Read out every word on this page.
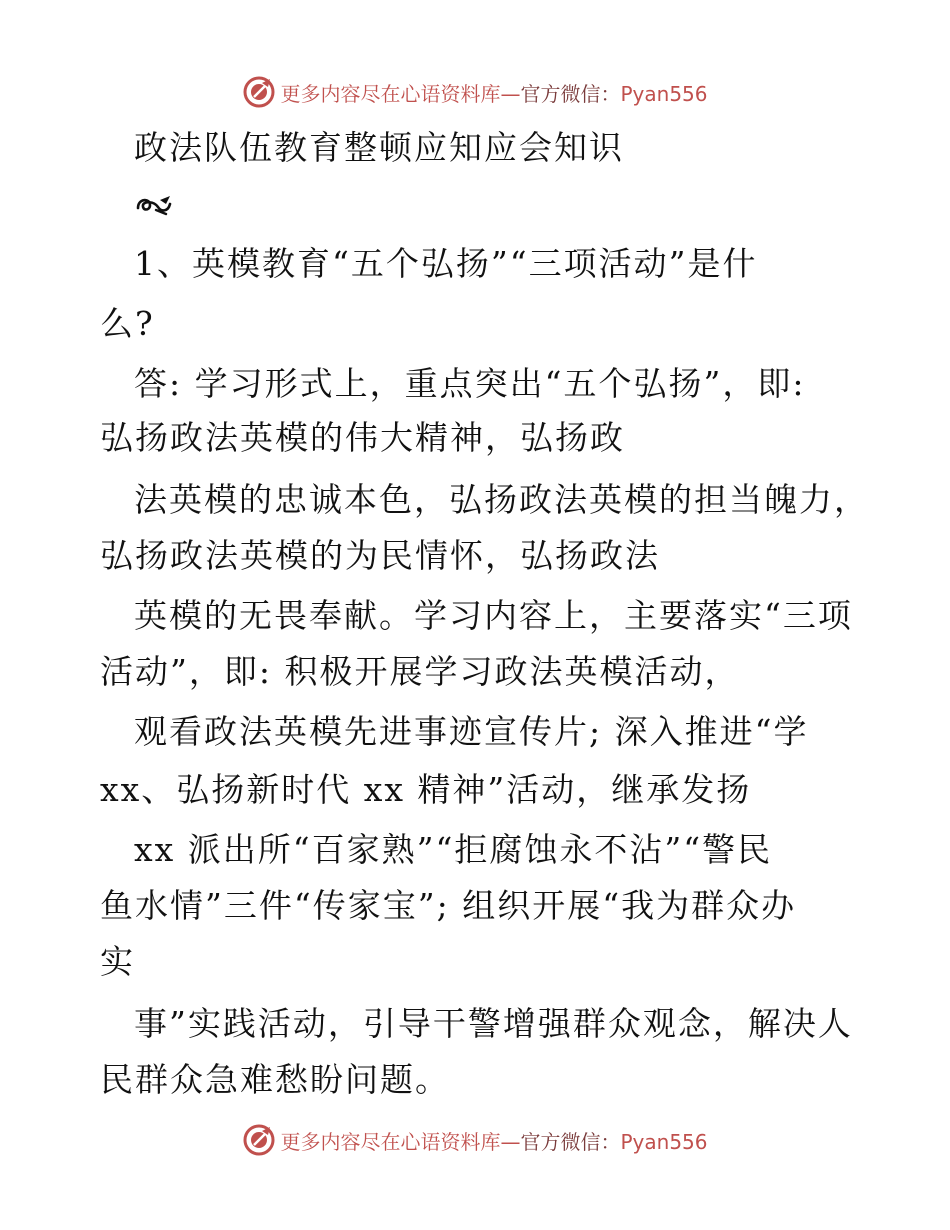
更多内容尽在心语资料库—官方微信：Pyan556
政法队伍教育整顿应知应会知识
1、英模教育“五个弘扬”“三项活动”是什
么?
答: 学习形式上，重点突出“五个弘扬”，即:
弘扬政法英模的伟大精神，弘扬政
法英模的忠诚本色，弘扬政法英模的担当魄力，
弘扬政法英模的为民情怀，弘扬政法
英模的无畏奉献。学习内容上，主要落实“三项
活动”，即: 积极开展学习政法英模活动，
观看政法英模先进事迹宣传片; 深入推进“学
xx、弘扬新时代 xx 精神”活动，继承发扬
xx 派出所“百家熟”“拒腐蚀永不沾”“警民
鱼水情”三件“传家宝”; 组织开展“我为群众办
实
事”实践活动，引导干警增强群众观念，解决人
民群众急难愁盼问题。
更多内容尽在心语资料库—官方微信：Pyan556
